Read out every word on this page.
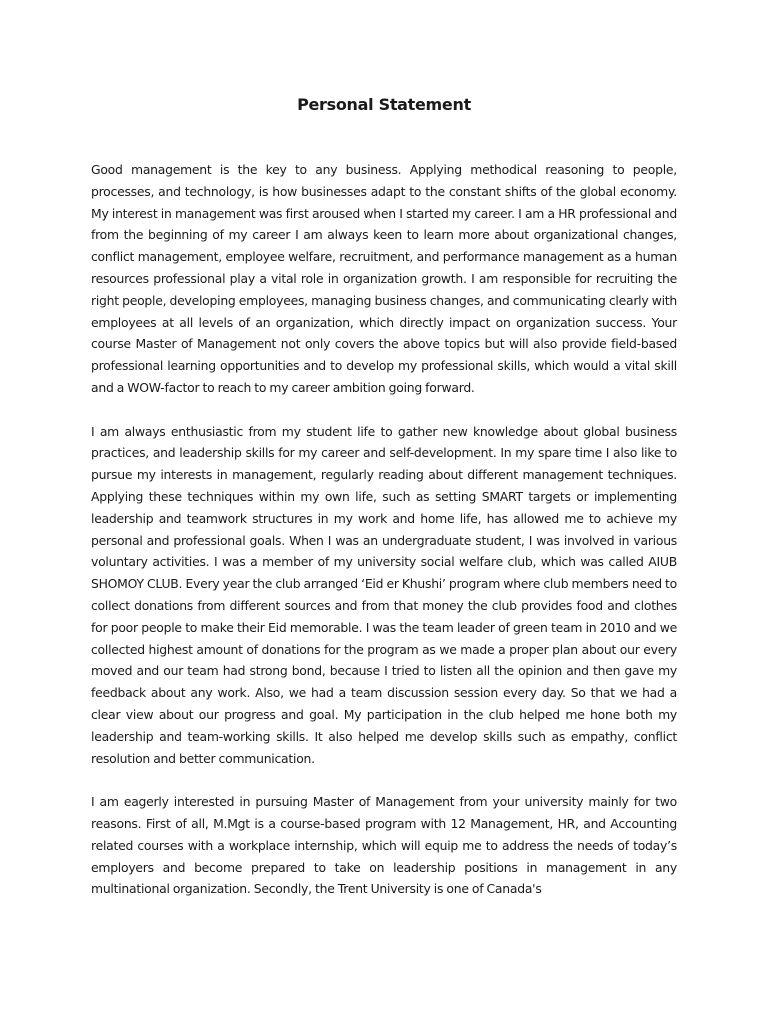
Personal Statement

Good management is the key to any business. Applying methodical reasoning to people, processes, and technology, is how businesses adapt to the constant shifts of the global economy. My interest in management was first aroused when I started my career. I am a HR professional and from the beginning of my career I am always keen to learn more about organizational changes, conflict management, employee welfare, recruitment, and performance management as a human resources professional play a vital role in organization growth. I am responsible for recruiting the right people, developing employees, managing business changes, and communicating clearly with employees at all levels of an organization, which directly impact on organization success. Your course Master of Management not only covers the above topics but will also provide field-based professional learning opportunities and to develop my professional skills, which would a vital skill and a WOW-factor to reach to my career ambition going forward.

I am always enthusiastic from my student life to gather new knowledge about global business practices, and leadership skills for my career and self-development. In my spare time I also like to pursue my interests in management, regularly reading about different management techniques. Applying these techniques within my own life, such as setting SMART targets or implementing leadership and teamwork structures in my work and home life, has allowed me to achieve my personal and professional goals. When I was an undergraduate student, I was involved in various voluntary activities. I was a member of my university social welfare club, which was called AIUB SHOMOY CLUB. Every year the club arranged ‘Eid er Khushi’ program where club members need to collect donations from different sources and from that money the club provides food and clothes for poor people to make their Eid memorable. I was the team leader of green team in 2010 and we collected highest amount of donations for the program as we made a proper plan about our every moved and our team had strong bond, because I tried to listen all the opinion and then gave my feedback about any work. Also, we had a team discussion session every day. So that we had a clear view about our progress and goal. My participation in the club helped me hone both my leadership and team-working skills. It also helped me develop skills such as empathy, conflict resolution and better communication.

I am eagerly interested in pursuing Master of Management from your university mainly for two reasons. First of all, M.Mgt is a course-based program with 12 Management, HR, and Accounting related courses with a workplace internship, which will equip me to address the needs of today’s employers and become prepared to take on leadership positions in management in any multinational organization. Secondly, the Trent University is one of Canada's
